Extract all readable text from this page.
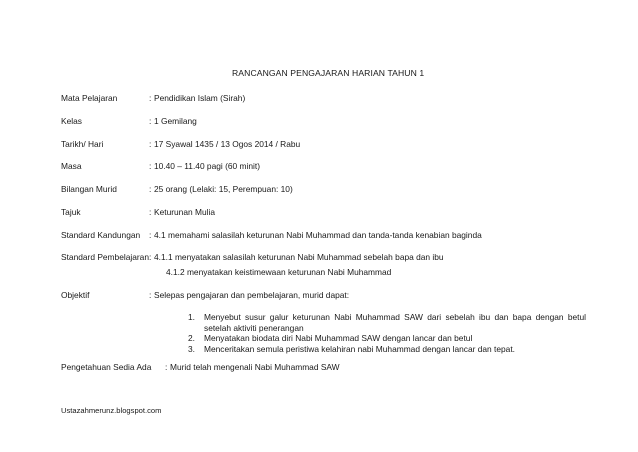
RANCANGAN PENGAJARAN HARIAN TAHUN 1
Mata Pelajaran	: Pendidikan Islam (Sirah)
Kelas	: 1 Gemilang
Tarikh/ Hari	: 17 Syawal 1435 / 13 Ogos 2014 / Rabu
Masa	: 10.40 – 11.40 pagi (60 minit)
Bilangan Murid	: 25 orang (Lelaki: 15, Perempuan: 10)
Tajuk	: Keturunan Mulia
Standard Kandungan : 4.1 memahami salasilah keturunan Nabi Muhammad dan tanda-tanda kenabian baginda
Standard Pembelajaran : 4.1.1 menyatakan salasilah keturunan Nabi Muhammad sebelah bapa dan ibu
4.1.2 menyatakan keistimewaan keturunan Nabi Muhammad
Objektif	: Selepas pengajaran dan pembelajaran, murid dapat:
1. Menyebut susur galur keturunan Nabi Muhammad SAW dari sebelah ibu dan bapa dengan betul setelah aktiviti penerangan
2. Menyatakan biodata diri Nabi Muhammad SAW dengan lancar dan betul
3. Menceritakan semula peristiwa kelahiran nabi Muhammad dengan lancar dan tepat.
Pengetahuan Sedia Ada : Murid telah mengenali Nabi Muhammad SAW
Ustazahmerunz.blogspot.com
